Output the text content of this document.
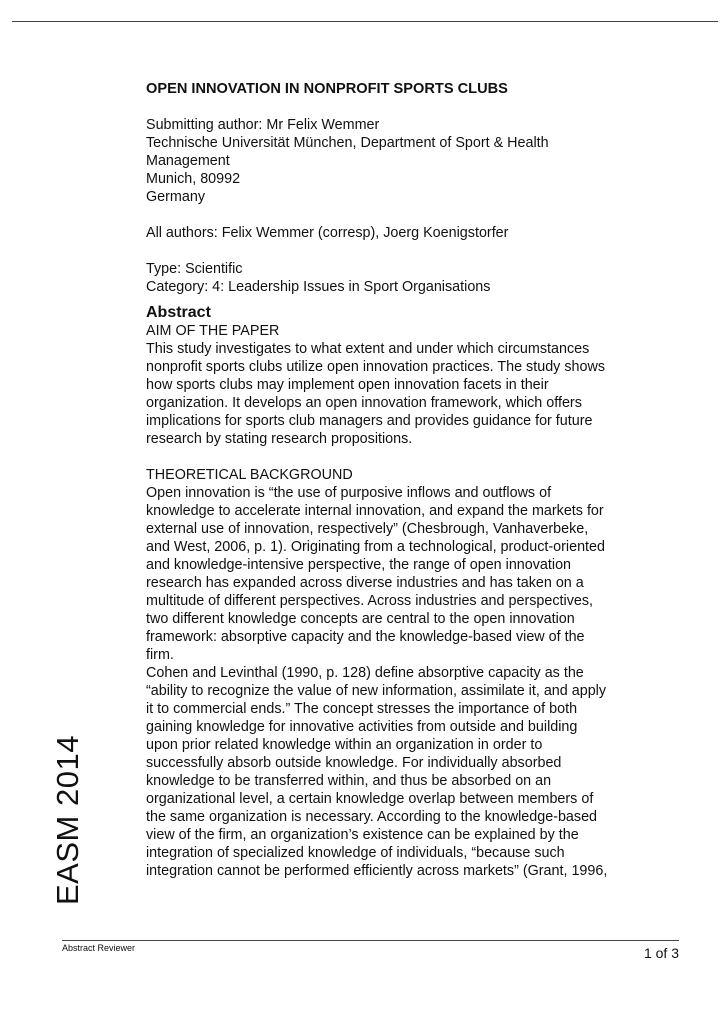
EASM 2014
OPEN INNOVATION IN NONPROFIT SPORTS CLUBS
Submitting author: Mr Felix Wemmer
Technische Universität München, Department of Sport & Health
Management
Munich, 80992
Germany
All authors: Felix Wemmer (corresp), Joerg Koenigstorfer
Type: Scientific
Category: 4: Leadership Issues in Sport Organisations
Abstract
AIM OF THE PAPER
This study investigates to what extent and under which circumstances
nonprofit sports clubs utilize open innovation practices. The study shows
how sports clubs may implement open innovation facets in their
organization. It develops an open innovation framework, which offers
implications for sports club managers and provides guidance for future
research by stating research propositions.
THEORETICAL BACKGROUND
Open innovation is “the use of purposive inflows and outflows of
knowledge to accelerate internal innovation, and expand the markets for
external use of innovation, respectively” (Chesbrough, Vanhaverbeke,
and West, 2006, p. 1). Originating from a technological, product-oriented
and knowledge-intensive perspective, the range of open innovation
research has expanded across diverse industries and has taken on a
multitude of different perspectives. Across industries and perspectives,
two different knowledge concepts are central to the open innovation
framework: absorptive capacity and the knowledge-based view of the
firm.
Cohen and Levinthal (1990, p. 128) define absorptive capacity as the
“ability to recognize the value of new information, assimilate it, and apply
it to commercial ends.” The concept stresses the importance of both
gaining knowledge for innovative activities from outside and building
upon prior related knowledge within an organization in order to
successfully absorb outside knowledge. For individually absorbed
knowledge to be transferred within, and thus be absorbed on an
organizational level, a certain knowledge overlap between members of
the same organization is necessary. According to the knowledge-based
view of the firm, an organization’s existence can be explained by the
integration of specialized knowledge of individuals, “because such
integration cannot be performed efficiently across markets” (Grant, 1996,
Abstract Reviewer	1 of 3
